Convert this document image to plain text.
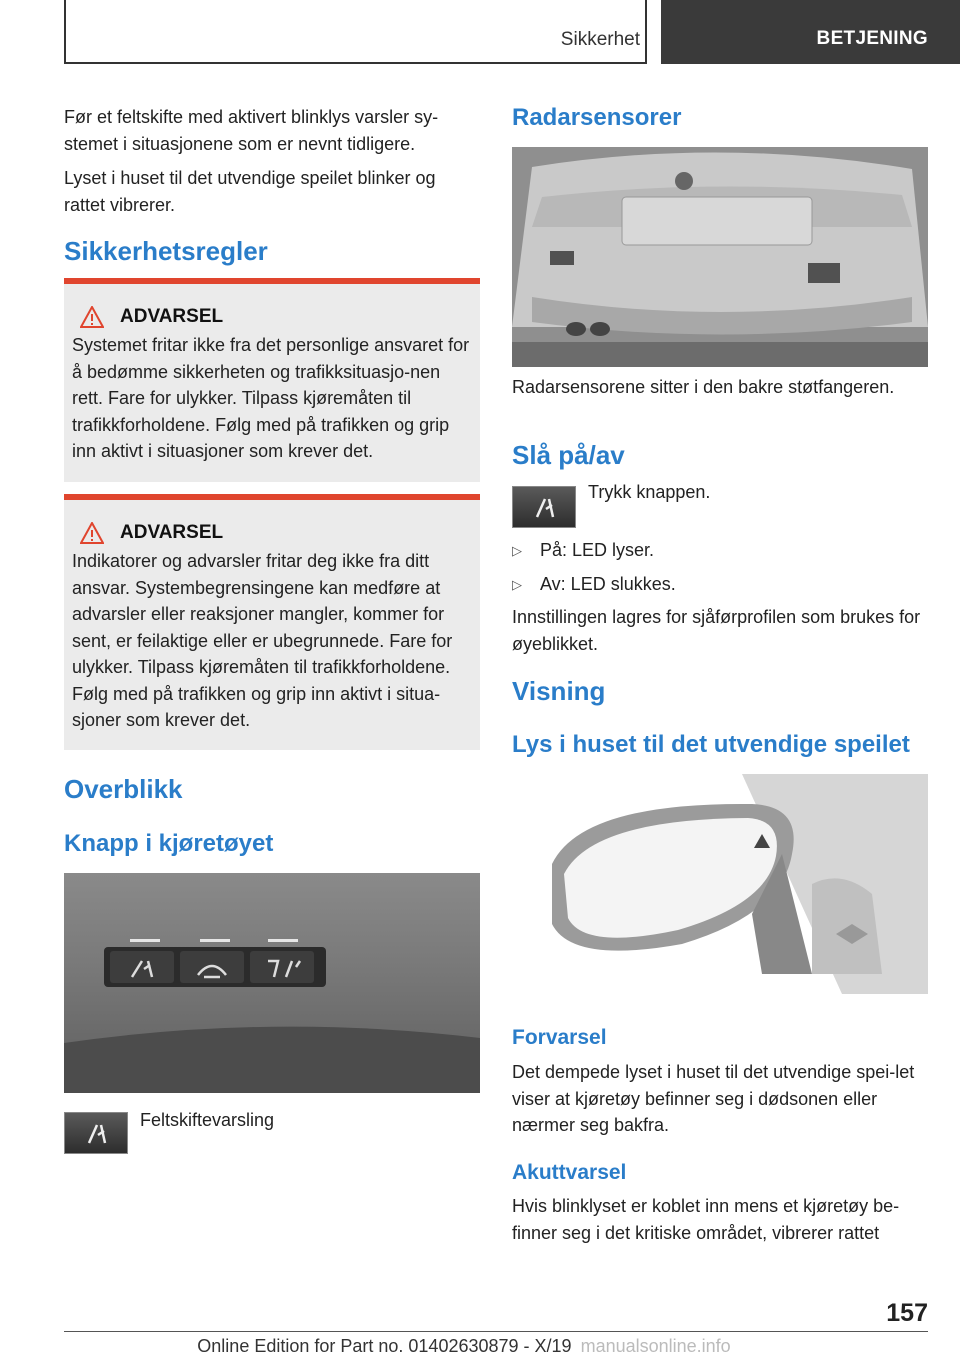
Sikkerhet	BETJENING

Før et feltskifte med aktivert blinklys varsler sy-stemet i situasjonene som er nevnt tidligere.

Lyset i huset til det utvendige speilet blinker og rattet vibrerer.

Sikkerhetsregler
ADVARSEL

Systemet fritar ikke fra det personlige ansvaret for å bedømme sikkerheten og trafikksituasjo-nen rett. Fare for ulykker. Tilpass kjøremåten til trafikkforholdene. Følg med på trafikken og grip inn aktivt i situasjoner som krever det.

ADVARSEL

Indikatorer og advarsler fritar deg ikke fra ditt ansvar. Systembegrensingene kan medføre at advarsler eller reaksjoner mangler, kommer for sent, er feilaktige eller er ubegrunnede. Fare for ulykker. Tilpass kjøremåten til trafikkforholdene. Følg med på trafikken og grip inn aktivt i situa-sjoner som krever det.

Overblikk
Knapp i kjøretøyet
Feltskiftevarsling
Radarsensorer
Radarsensorene sitter i den bakre støtfangeren.
Slå på/av
Trykk knappen.
▷	På: LED lyser.
▷	Av: LED slukkes.

Innstillingen lagres for sjåførprofilen som brukes for øyeblikket.

Visning
Lys i huset til det utvendige speilet
Forvarsel

Det dempede lyset i huset til det utvendige spei-let viser at kjøretøy befinner seg i dødsonen eller nærmer seg bakfra.

Akuttvarsel

Hvis blinklyset er koblet inn mens et kjøretøy be-finner seg i det kritiske området, vibrerer rattet

157
Online Edition for Part no. 01402630879 - X/19 manualsonline.info
